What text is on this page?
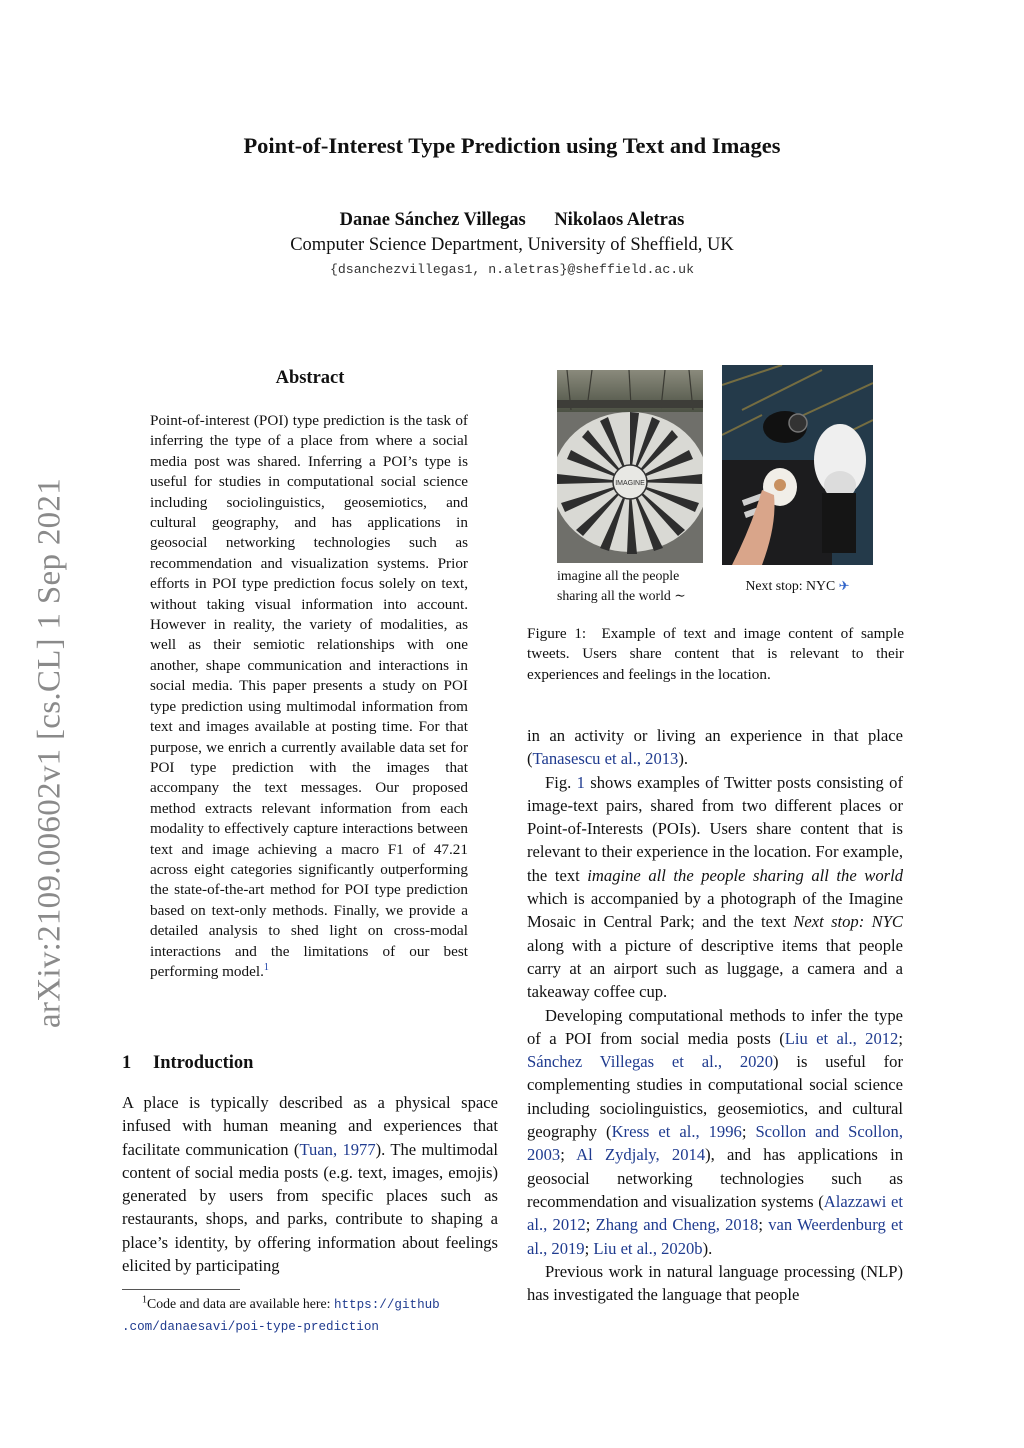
arXiv:2109.00602v1 [cs.CL] 1 Sep 2021
Point-of-Interest Type Prediction using Text and Images
Danae Sánchez Villegas Nikolaos Aletras
Computer Science Department, University of Sheffield, UK
{dsanchezvillegas1, n.aletras}@sheffield.ac.uk
Abstract
Point-of-interest (POI) type prediction is the task of inferring the type of a place from where a social media post was shared. Inferring a POI’s type is useful for studies in computational social science including sociolinguistics, geosemiotics, and cultural geography, and has applications in geosocial networking technologies such as recommendation and visualization systems. Prior efforts in POI type prediction focus solely on text, without taking visual information into account. However in reality, the variety of modalities, as well as their semiotic relationships with one another, shape communication and interactions in social media. This paper presents a study on POI type prediction using multimodal information from text and images available at posting time. For that purpose, we enrich a currently available data set for POI type prediction with the images that accompany the text messages. Our proposed method extracts relevant information from each modality to effectively capture interactions between text and image achieving a macro F1 of 47.21 across eight categories significantly outperforming the state-of-the-art method for POI type prediction based on text-only methods. Finally, we provide a detailed analysis to shed light on cross-modal interactions and the limitations of our best performing model.$^1$
1 Introduction
A place is typically described as a physical space infused with human meaning and experiences that facilitate communication (Tuan, 1977). The multimodal content of social media posts (e.g. text, images, emojis) generated by users from specific places such as restaurants, shops, and parks, contribute to shaping a place’s identity, by offering information about feelings elicited by participating
$^1$Code and data are available here: https://github
.com/danaesavi/poi-type-prediction
IMAGINE
imagine all the people
sharing all the world ∼
Next stop: NYC ✈
Figure 1: Example of text and image content of sample tweets. Users share content that is relevant to their experiences and feelings in the location.

in an activity or living an experience in that place (Tanasescu et al., 2013).

Fig. 1 shows examples of Twitter posts consisting of image-text pairs, shared from two different places or Point-of-Interests (POIs). Users share content that is relevant to their experience in the location. For example, the text imagine all the people sharing all the world which is accompanied by a photograph of the Imagine Mosaic in Central Park; and the text Next stop: NYC along with a picture of descriptive items that people carry at an airport such as luggage, a camera and a takeaway coffee cup.

Developing computational methods to infer the type of a POI from social media posts (Liu et al., 2012; Sánchez Villegas et al., 2020) is useful for complementing studies in computational social science including sociolinguistics, geosemiotics, and cultural geography (Kress et al., 1996; Scollon and Scollon, 2003; Al Zydjaly, 2014), and has applications in geosocial networking technologies such as recommendation and visualization systems (Alazzawi et al., 2012; Zhang and Cheng, 2018; van Weerdenburg et al., 2019; Liu et al., 2020b).

Previous work in natural language processing (NLP) has investigated the language that people
